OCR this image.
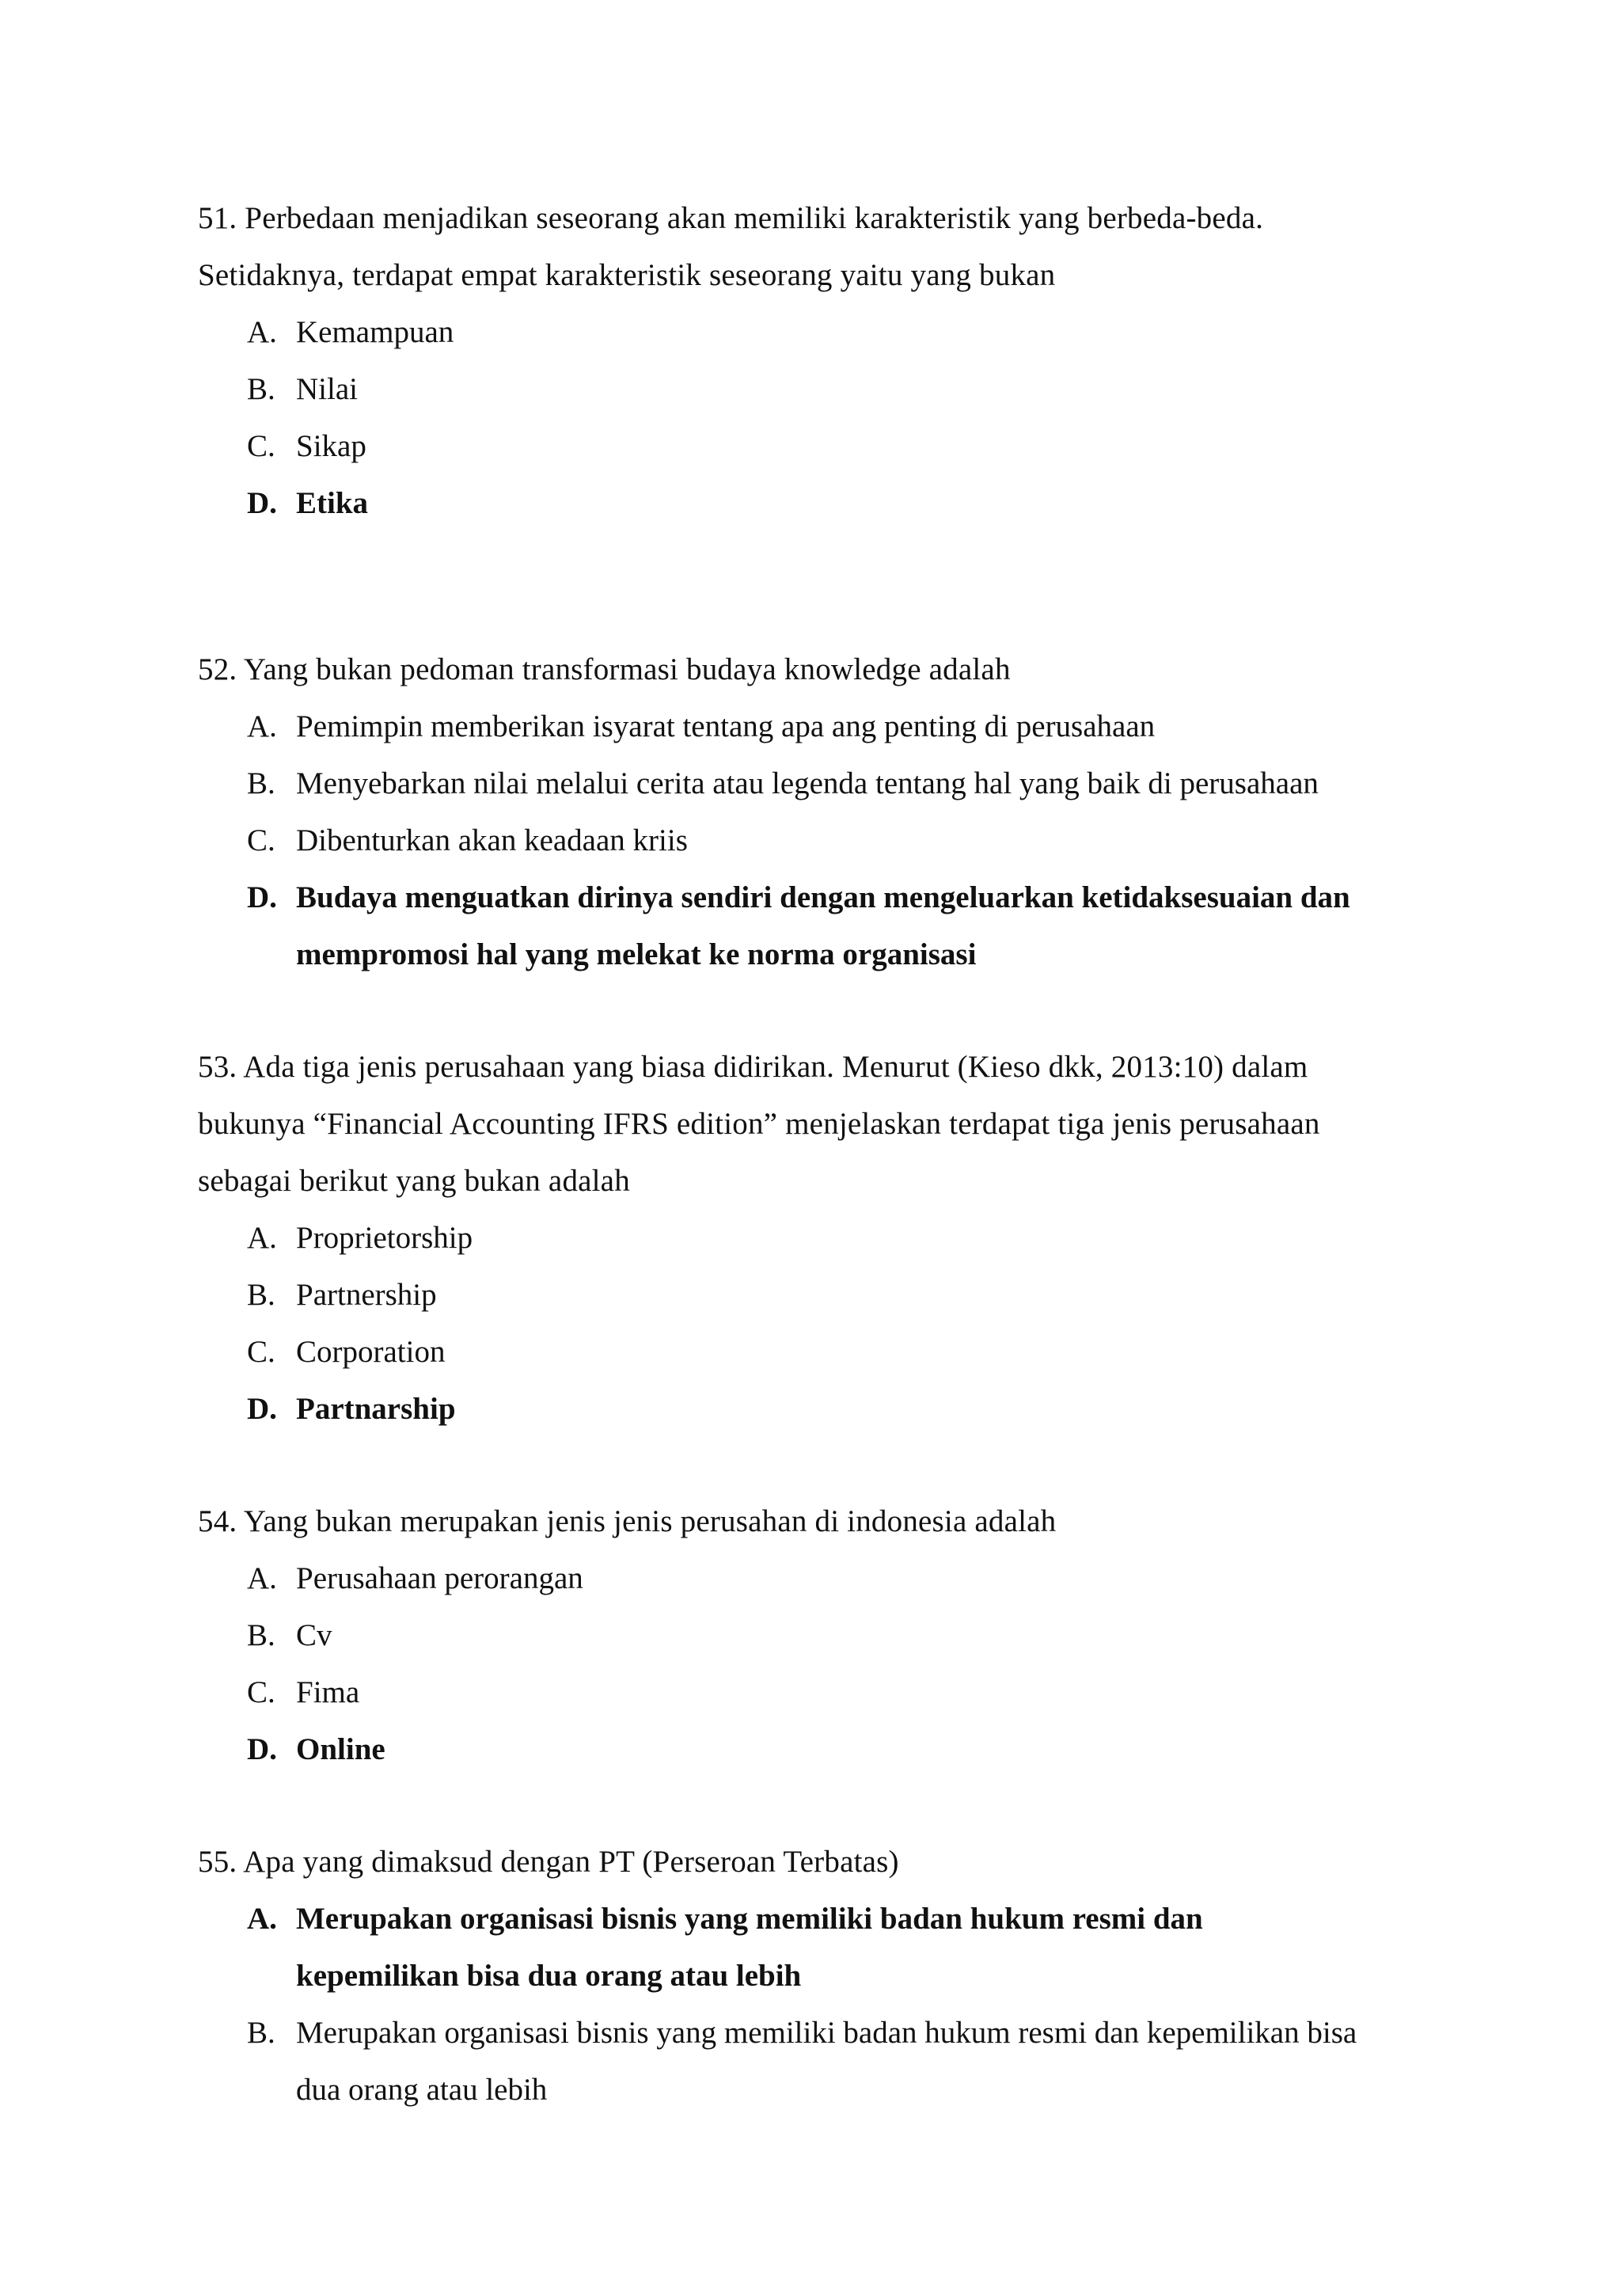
51. Perbedaan menjadikan seseorang akan memiliki karakteristik yang berbeda-beda.
Setidaknya, terdapat empat karakteristik seseorang yaitu yang bukan
A. Kemampuan
B. Nilai
C. Sikap
D. Etika
52. Yang bukan pedoman transformasi budaya knowledge adalah
A. Pemimpin memberikan isyarat tentang apa ang penting di perusahaan
B. Menyebarkan nilai melalui cerita atau legenda tentang hal yang baik di perusahaan
C. Dibenturkan akan keadaan kriis
D. Budaya menguatkan dirinya sendiri dengan mengeluarkan ketidaksesuaian dan
mempromosi hal yang melekat ke norma organisasi
53. Ada tiga jenis perusahaan yang biasa didirikan. Menurut (Kieso dkk, 2013:10) dalam
bukunya “Financial Accounting IFRS edition” menjelaskan terdapat tiga jenis perusahaan
sebagai berikut yang bukan adalah
A. Proprietorship
B. Partnership
C. Corporation
D. Partnarship
54. Yang bukan merupakan jenis jenis perusahan di indonesia adalah
A. Perusahaan perorangan
B. Cv
C. Fima
D. Online
55. Apa yang dimaksud dengan PT (Perseroan Terbatas)
A. Merupakan organisasi bisnis yang memiliki badan hukum resmi dan
kepemilikan bisa dua orang atau lebih
B. Merupakan organisasi bisnis yang memiliki badan hukum resmi dan kepemilikan bisa
dua orang atau lebih
